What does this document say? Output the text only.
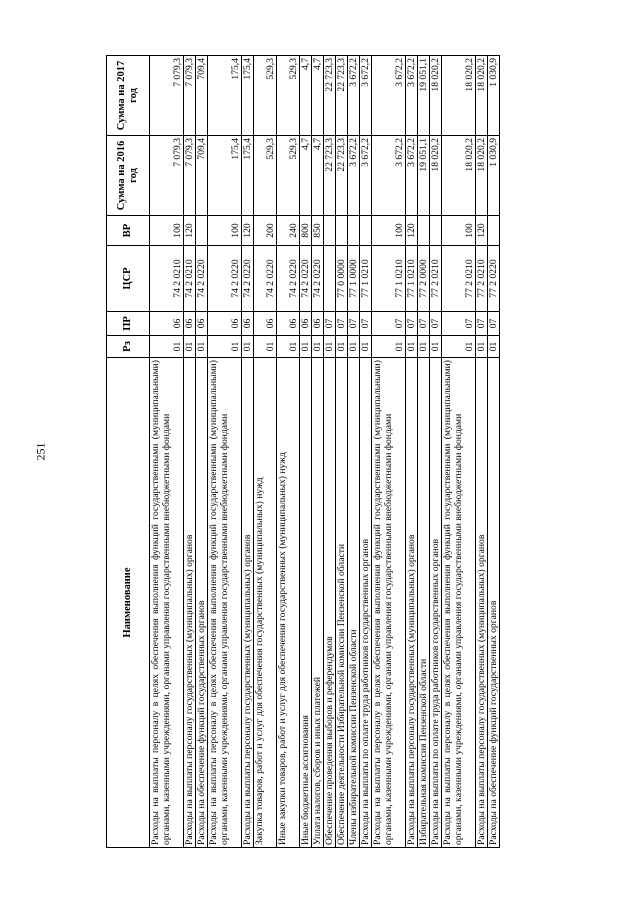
251
Наименование	Рз	ПР	ЦСР	ВР	Сумма на 2016 год	Сумма на 2017 год
Расходы на выплаты персоналу в целях обеспечения выполнения функций государственными (муниципальными) органами, казенными учреждениями, органами управления государственными внебюджетными фондами	01	06	74 2 0210	100	7 079,3	7 079,3
Расходы на выплаты персоналу государственных (муниципальных) органов	01	06	74 2 0210	120	7 079,3	7 079,3
Расходы на обеспечение функций государственных органов	01	06	74 2 0220		709,4	709,4
Расходы на выплаты персоналу в целях обеспечения выполнения функций государственными (муниципальными) органами, казенными учреждениями, органами управления государственными внебюджетными фондами	01	06	74 2 0220	100	175,4	175,4
Расходы на выплаты персоналу государственных (муниципальных) органов	01	06	74 2 0220	120	175,4	175,4
Закупка товаров, работ и услуг для обеспечения государственных (муниципальных) нужд	01	06	74 2 0220	200	529,3	529,3
Иные закупки товаров, работ и услуг для обеспечения государственных (муниципальных) нужд	01	06	74 2 0220	240	529,3	529,3
Иные бюджетные ассигнования	01	06	74 2 0220	800	4,7	4,7
Уплата налогов, сборов и иных платежей	01	06	74 2 0220	850	4,7	4,7
Обеспечение проведения выборов и референдумов	01	07			22 723,3	22 723,3
Обеспечение деятельности Избирательной комиссии Пензенской области	01	07	77 0 0000		22 723,3	22 723,3
Члены избирательной комиссии Пензенской области	01	07	77 1 0000		3 672,2	3 672,2
Расходы на выплаты по оплате труда работников государственных органов	01	07	77 1 0210		3 672,2	3 672,2
Расходы на выплаты персоналу в целях обеспечения выполнения функций государственными (муниципальными) органами, казенными учреждениями, органами управления государственными внебюджетными фондами	01	07	77 1 0210	100	3 672,2	3 672,2
Расходы на выплаты персоналу государственных (муниципальных) органов	01	07	77 1 0210	120	3 672,2	3 672,2
Избирательная комиссия Пензенской области	01	07	77 2 0000		19 051,1	19 051,1
Расходы на выплаты по оплате труда работников государственных органов	01	07	77 2 0210		18 020,2	18 020,2
Расходы на выплаты персоналу в целях обеспечения выполнения функций государственными (муниципальными) органами, казенными учреждениями, органами управления государственными внебюджетными фондами	01	07	77 2 0210	100	18 020,2	18 020,2
Расходы на выплаты персоналу государственных (муниципальных) органов	01	07	77 2 0210	120	18 020,2	18 020,2
Расходы на обеспечение функций государственных органов	01	07	77 2 0220		1 030,9	1 030,9
